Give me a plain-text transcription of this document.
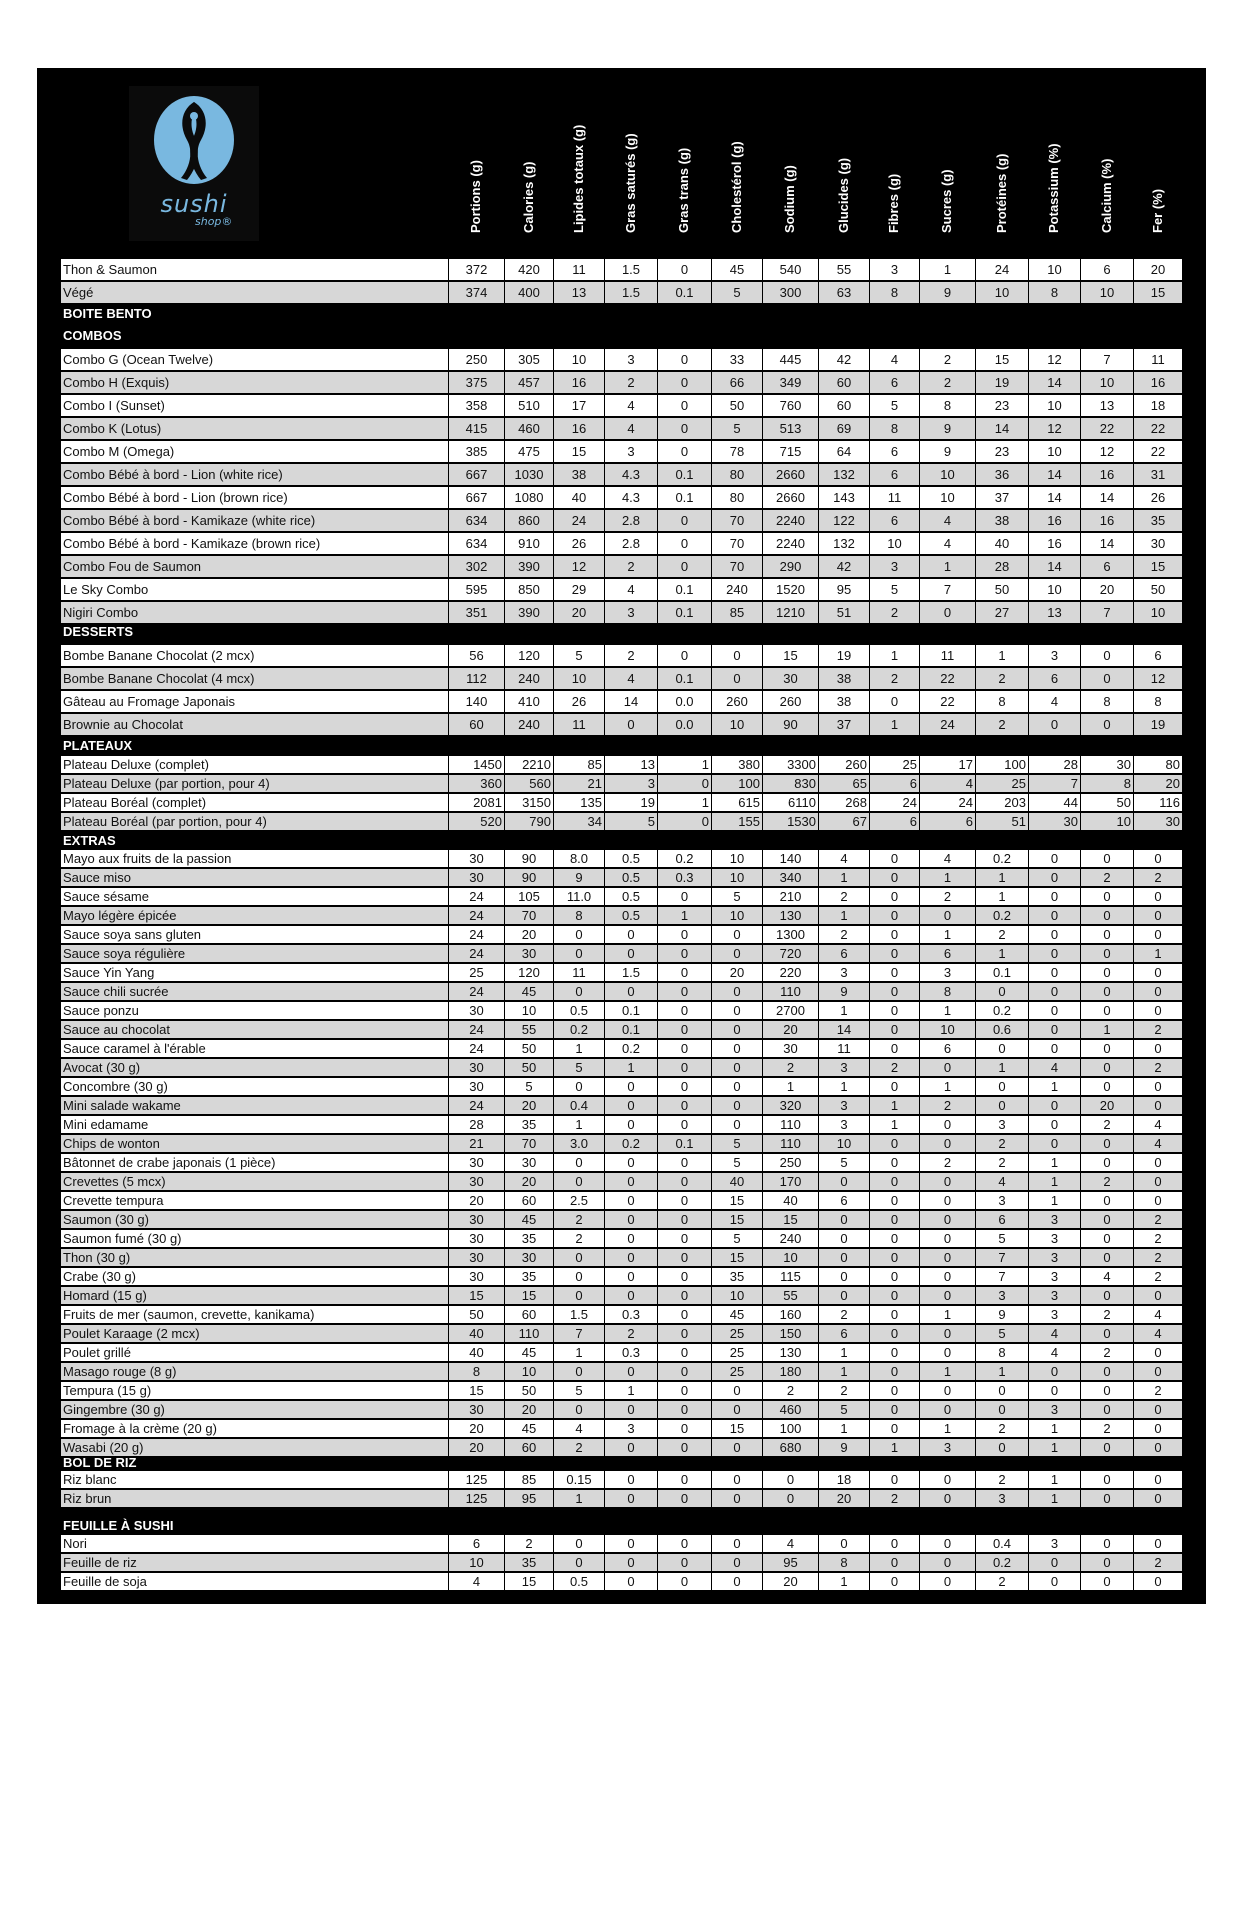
sushi
shop®	Portions (g)	Calories (g)	Lipides totaux (g)	Gras saturés (g)	Gras trans (g)	Cholestérol (g)	Sodium (g)	Glucides (g)	Fibres (g)	Sucres (g)	Protéines (g)	Potassium (%)	Calcium (%)	Fer (%)
Thon & Saumon	372	420	11	1.5	0	45	540	55	3	1	24	10	6	20
Végé	374	400	13	1.5	0.1	5	300	63	8	9	10	8	10	15
BOITE BENTO
COMBOS
Combo G (Ocean Twelve)	250	305	10	3	0	33	445	42	4	2	15	12	7	11
Combo H (Exquis)	375	457	16	2	0	66	349	60	6	2	19	14	10	16
Combo I (Sunset)	358	510	17	4	0	50	760	60	5	8	23	10	13	18
Combo K (Lotus)	415	460	16	4	0	5	513	69	8	9	14	12	22	22
Combo M (Omega)	385	475	15	3	0	78	715	64	6	9	23	10	12	22
Combo Bébé à bord - Lion (white rice)	667	1030	38	4.3	0.1	80	2660	132	6	10	36	14	16	31
Combo Bébé à bord - Lion (brown rice)	667	1080	40	4.3	0.1	80	2660	143	11	10	37	14	14	26
Combo Bébé à bord - Kamikaze (white rice)	634	860	24	2.8	0	70	2240	122	6	4	38	16	16	35
Combo Bébé à bord - Kamikaze (brown rice)	634	910	26	2.8	0	70	2240	132	10	4	40	16	14	30
Combo Fou de Saumon	302	390	12	2	0	70	290	42	3	1	28	14	6	15
Le Sky Combo	595	850	29	4	0.1	240	1520	95	5	7	50	10	20	50
Nigiri Combo	351	390	20	3	0.1	85	1210	51	2	0	27	13	7	10
DESSERTS
Bombe Banane Chocolat (2 mcx)	56	120	5	2	0	0	15	19	1	11	1	3	0	6
Bombe Banane Chocolat (4 mcx)	112	240	10	4	0.1	0	30	38	2	22	2	6	0	12
Gâteau au Fromage Japonais	140	410	26	14	0.0	260	260	38	0	22	8	4	8	8
Brownie au Chocolat	60	240	11	0	0.0	10	90	37	1	24	2	0	0	19
PLATEAUX
Plateau Deluxe (complet)	1450	2210	85	13	1	380	3300	260	25	17	100	28	30	80
Plateau Deluxe (par portion, pour 4)	360	560	21	3	0	100	830	65	6	4	25	7	8	20
Plateau Boréal (complet)	2081	3150	135	19	1	615	6110	268	24	24	203	44	50	116
Plateau Boréal (par portion, pour 4)	520	790	34	5	0	155	1530	67	6	6	51	30	10	30
EXTRAS
Mayo aux fruits de la passion	30	90	8.0	0.5	0.2	10	140	4	0	4	0.2	0	0	0
Sauce miso	30	90	9	0.5	0.3	10	340	1	0	1	1	0	2	2
Sauce sésame	24	105	11.0	0.5	0	5	210	2	0	2	1	0	0	0
Mayo légère épicée	24	70	8	0.5	1	10	130	1	0	0	0.2	0	0	0
Sauce soya sans gluten	24	20	0	0	0	0	1300	2	0	1	2	0	0	0
Sauce soya régulière	24	30	0	0	0	0	720	6	0	6	1	0	0	1
Sauce Yin Yang	25	120	11	1.5	0	20	220	3	0	3	0.1	0	0	0
Sauce chili sucrée	24	45	0	0	0	0	110	9	0	8	0	0	0	0
Sauce ponzu	30	10	0.5	0.1	0	0	2700	1	0	1	0.2	0	0	0
Sauce au chocolat	24	55	0.2	0.1	0	0	20	14	0	10	0.6	0	1	2
Sauce caramel à l'érable	24	50	1	0.2	0	0	30	11	0	6	0	0	0	0
Avocat (30 g)	30	50	5	1	0	0	2	3	2	0	1	4	0	2
Concombre (30 g)	30	5	0	0	0	0	1	1	0	1	0	1	0	0
Mini salade wakame	24	20	0.4	0	0	0	320	3	1	2	0	0	20	0
Mini edamame	28	35	1	0	0	0	110	3	1	0	3	0	2	4
Chips de wonton	21	70	3.0	0.2	0.1	5	110	10	0	0	2	0	0	4
Bâtonnet de crabe japonais (1 pièce)	30	30	0	0	0	5	250	5	0	2	2	1	0	0
Crevettes (5 mcx)	30	20	0	0	0	40	170	0	0	0	4	1	2	0
Crevette tempura	20	60	2.5	0	0	15	40	6	0	0	3	1	0	0
Saumon (30 g)	30	45	2	0	0	15	15	0	0	0	6	3	0	2
Saumon fumé (30 g)	30	35	2	0	0	5	240	0	0	0	5	3	0	2
Thon (30 g)	30	30	0	0	0	15	10	0	0	0	7	3	0	2
Crabe (30 g)	30	35	0	0	0	35	115	0	0	0	7	3	4	2
Homard (15 g)	15	15	0	0	0	10	55	0	0	0	3	3	0	0
Fruits de mer (saumon, crevette, kanikama)	50	60	1.5	0.3	0	45	160	2	0	1	9	3	2	4
Poulet Karaage (2 mcx)	40	110	7	2	0	25	150	6	0	0	5	4	0	4
Poulet grillé	40	45	1	0.3	0	25	130	1	0	0	8	4	2	0
Masago rouge (8 g)	8	10	0	0	0	25	180	1	0	1	1	0	0	0
Tempura (15 g)	15	50	5	1	0	0	2	2	0	0	0	0	0	2
Gingembre (30 g)	30	20	0	0	0	0	460	5	0	0	0	3	0	0
Fromage à la crème (20 g)	20	45	4	3	0	15	100	1	0	1	2	1	2	0
Wasabi (20 g)	20	60	2	0	0	0	680	9	1	3	0	1	0	0
BOL DE RIZ
Riz blanc	125	85	0.15	0	0	0	0	18	0	0	2	1	0	0
Riz brun	125	95	1	0	0	0	0	20	2	0	3	1	0	0
FEUILLE À SUSHI
Nori	6	2	0	0	0	0	4	0	0	0	0.4	3	0	0
Feuille de riz	10	35	0	0	0	0	95	8	0	0	0.2	0	0	2
Feuille de soja	4	15	0.5	0	0	0	20	1	0	0	2	0	0	0
